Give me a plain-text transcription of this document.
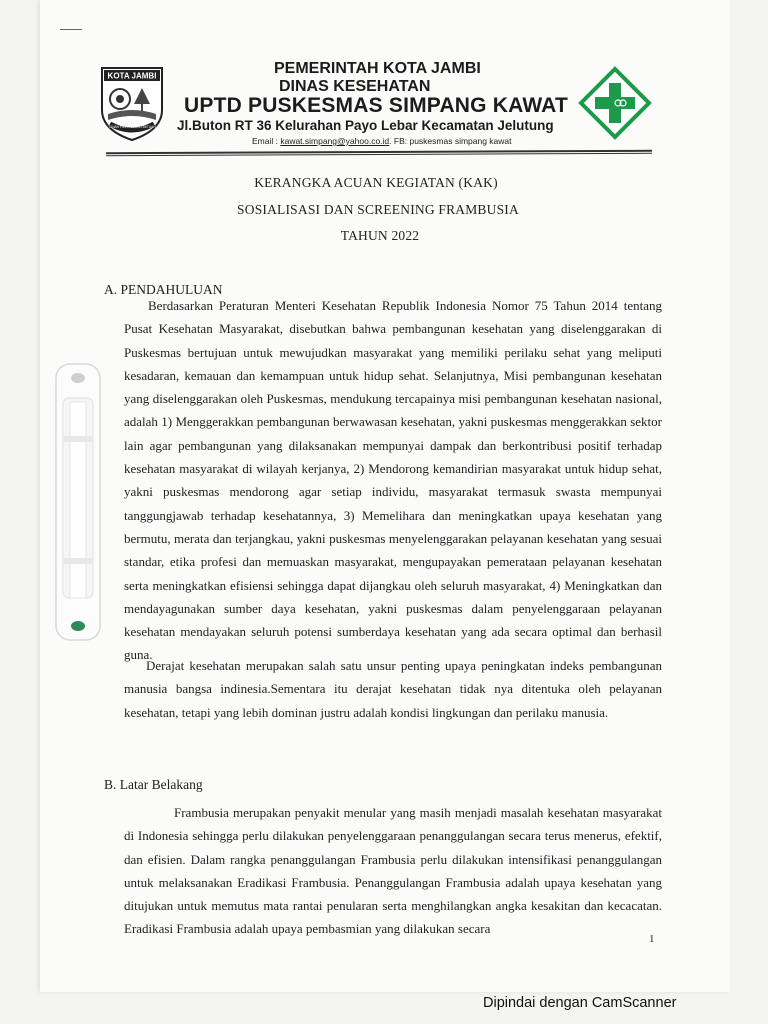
KOTA JAMBI
TANAH PILIH PESAKO BETUAH
PEMERINTAH KOTA JAMBI
DINAS KESEHATAN
UPTD PUSKESMAS SIMPANG KAWAT
Jl.Buton RT 36 Kelurahan Payo Lebar Kecamatan Jelutung
Email : kawat.simpang@yahoo.co.id. FB: puskesmas simpang kawat
KERANGKA ACUAN KEGIATAN (KAK)
SOSIALISASI DAN SCREENING FRAMBUSIA
TAHUN 2022
A. PENDAHULUAN

Berdasarkan Peraturan Menteri Kesehatan Republik Indonesia Nomor 75 Tahun 2014 tentang Pusat Kesehatan Masyarakat, disebutkan bahwa pembangunan kesehatan yang diselenggarakan di Puskesmas bertujuan untuk mewujudkan masyarakat yang memiliki perilaku sehat yang meliputi kesadaran, kemauan dan kemampuan untuk hidup sehat. Selanjutnya, Misi pembangunan kesehatan yang diselenggarakan oleh Puskesmas, mendukung tercapainya misi pembangunan kesehatan nasional, adalah 1) Menggerakkan pembangunan berwawasan kesehatan, yakni puskesmas menggerakkan sektor lain agar pembangunan yang dilaksanakan mempunyai dampak dan berkontribusi positif terhadap kesehatan masyarakat di wilayah kerjanya, 2) Mendorong kemandirian masyarakat untuk hidup sehat, yakni puskesmas mendorong agar setiap individu, masyarakat termasuk swasta mempunyai tanggungjawab terhadap kesehatannya, 3) Memelihara dan meningkatkan upaya kesehatan yang bermutu, merata dan terjangkau, yakni puskesmas menyelenggarakan pelayanan kesehatan yang sesuai standar, etika profesi dan memuaskan masyarakat, mengupayakan pemerataan pelayanan kesehatan serta meningkatkan efisiensi sehingga dapat dijangkau oleh seluruh masyarakat, 4) Meningkatkan dan mendayagunakan sumber daya kesehatan, yakni puskesmas dalam penyelenggaraan pelayanan kesehatan mendayakan seluruh potensi sumberdaya kesehatan yang ada secara optimal dan berhasil guna.

Derajat kesehatan merupakan salah satu unsur penting upaya peningkatan indeks pembangunan manusia bangsa indinesia.Sementara itu derajat kesehatan tidak nya ditentuka oleh pelayanan kesehatan, tetapi yang lebih dominan justru adalah kondisi lingkungan dan perilaku manusia.

B. Latar Belakang

Frambusia merupakan penyakit menular yang masih menjadi masalah kesehatan masyarakat di Indonesia sehingga perlu dilakukan penyelenggaraan penanggulangan secara terus menerus, efektif, dan efisien. Dalam rangka penanggulangan Frambusia perlu dilakukan intensifikasi penanggulangan untuk melaksanakan Eradikasi Frambusia. Penanggulangan Frambusia adalah upaya kesehatan yang ditujukan untuk memutus mata rantai penularan serta menghilangkan angka kesakitan dan kecacatan. Eradikasi Frambusia adalah upaya pembasmian yang dilakukan secara

1
Dipindai dengan CamScanner
